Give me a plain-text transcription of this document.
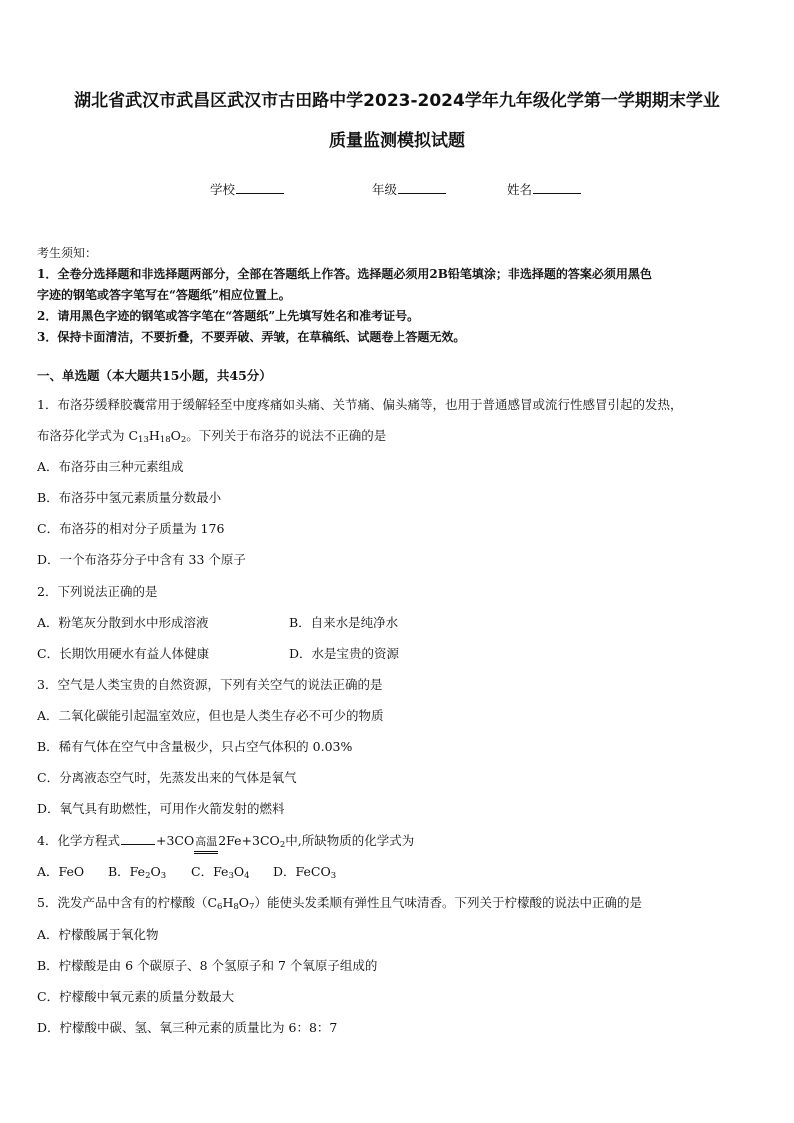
湖北省武汉市武昌区武汉市古田路中学2023-2024学年九年级化学第一学期期末学业
质量监测模拟试题
学校	年级	姓名
考生须知：
1．全卷分选择题和非选择题两部分，全部在答题纸上作答。选择题必须用2B铅笔填涂；非选择题的答案必须用黑色
字迹的钢笔或答字笔写在“答题纸”相应位置上。
2．请用黑色字迹的钢笔或答字笔在“答题纸”上先填写姓名和准考证号。
3．保持卡面清洁，不要折叠，不要弄破、弄皱，在草稿纸、试题卷上答题无效。
一、单选题（本大题共15小题，共45分）
1．布洛芬缓释胶囊常用于缓解轻至中度疼痛如头痛、关节痛、偏头痛等，也用于普通感冒或流行性感冒引起的发热，
布洛芬化学式为 $C_{13}H_{18}O_2$。下列关于布洛芬的说法不正确的是
A．布洛芬由三种元素组成
B．布洛芬中氢元素质量分数最小
C．布洛芬的相对分子质量为 176
D．一个布洛芬分子中含有 33 个原子
2．下列说法正确的是
A．粉笔灰分散到水中形成溶液	B．自来水是纯净水
C．长期饮用硬水有益人体健康	D．水是宝贵的资源
3．空气是人类宝贵的自然资源，下列有关空气的说法正确的是
A．二氧化碳能引起温室效应，但也是人类生存必不可少的物质
B．稀有气体在空气中含量极少，只占空气体积的 0.03%
C．分离液态空气时，先蒸发出来的气体是氧气
D．氧气具有助燃性，可用作火箭发射的燃料
4．化学方程式	+3CO高温
$2Fe+3CO_2$中,所缺物质的化学式为
A．FeO B．$Fe_2O_3$ C．$Fe_3O_4$ D．FeCO$_3$
5．洗发产品中含有的柠檬酸$(C_6H_8O_7)$能使头发柔顺有弹性且气味清香。下列关于柠檬酸的说法中正确的是
A．柠檬酸属于氧化物
B．柠檬酸是由 6 个碳原子、8 个氢原子和 7 个氧原子组成的
C．柠檬酸中氧元素的质量分数最大
D．柠檬酸中碳、氢、氧三种元素的质量比为 6：8：7
